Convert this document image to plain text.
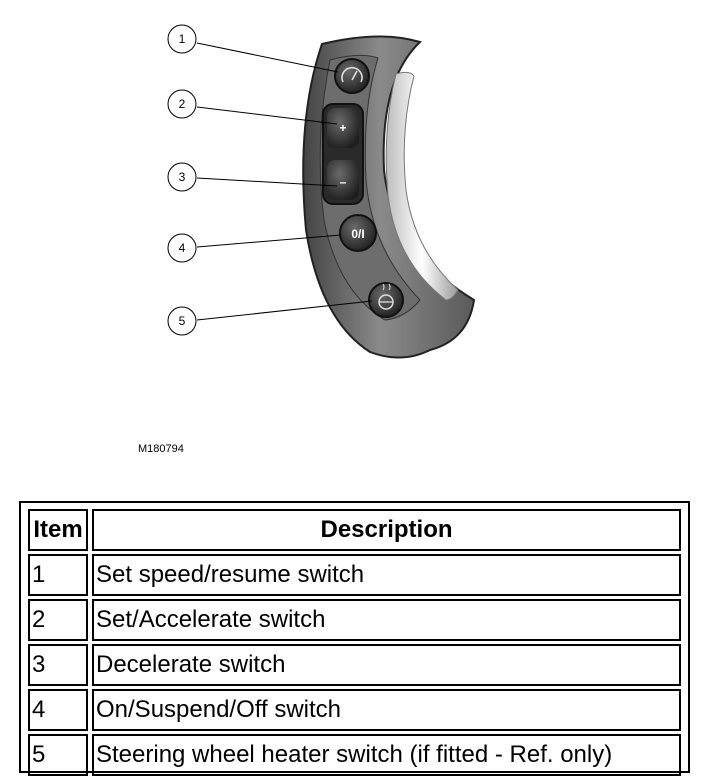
+
–
0/I
1
2
3
4
5
M180794
Item	Description
1	Set speed/resume switch
2	Set/Accelerate switch
3	Decelerate switch
4	On/Suspend/Off switch
5	Steering wheel heater switch (if fitted - Ref. only)
